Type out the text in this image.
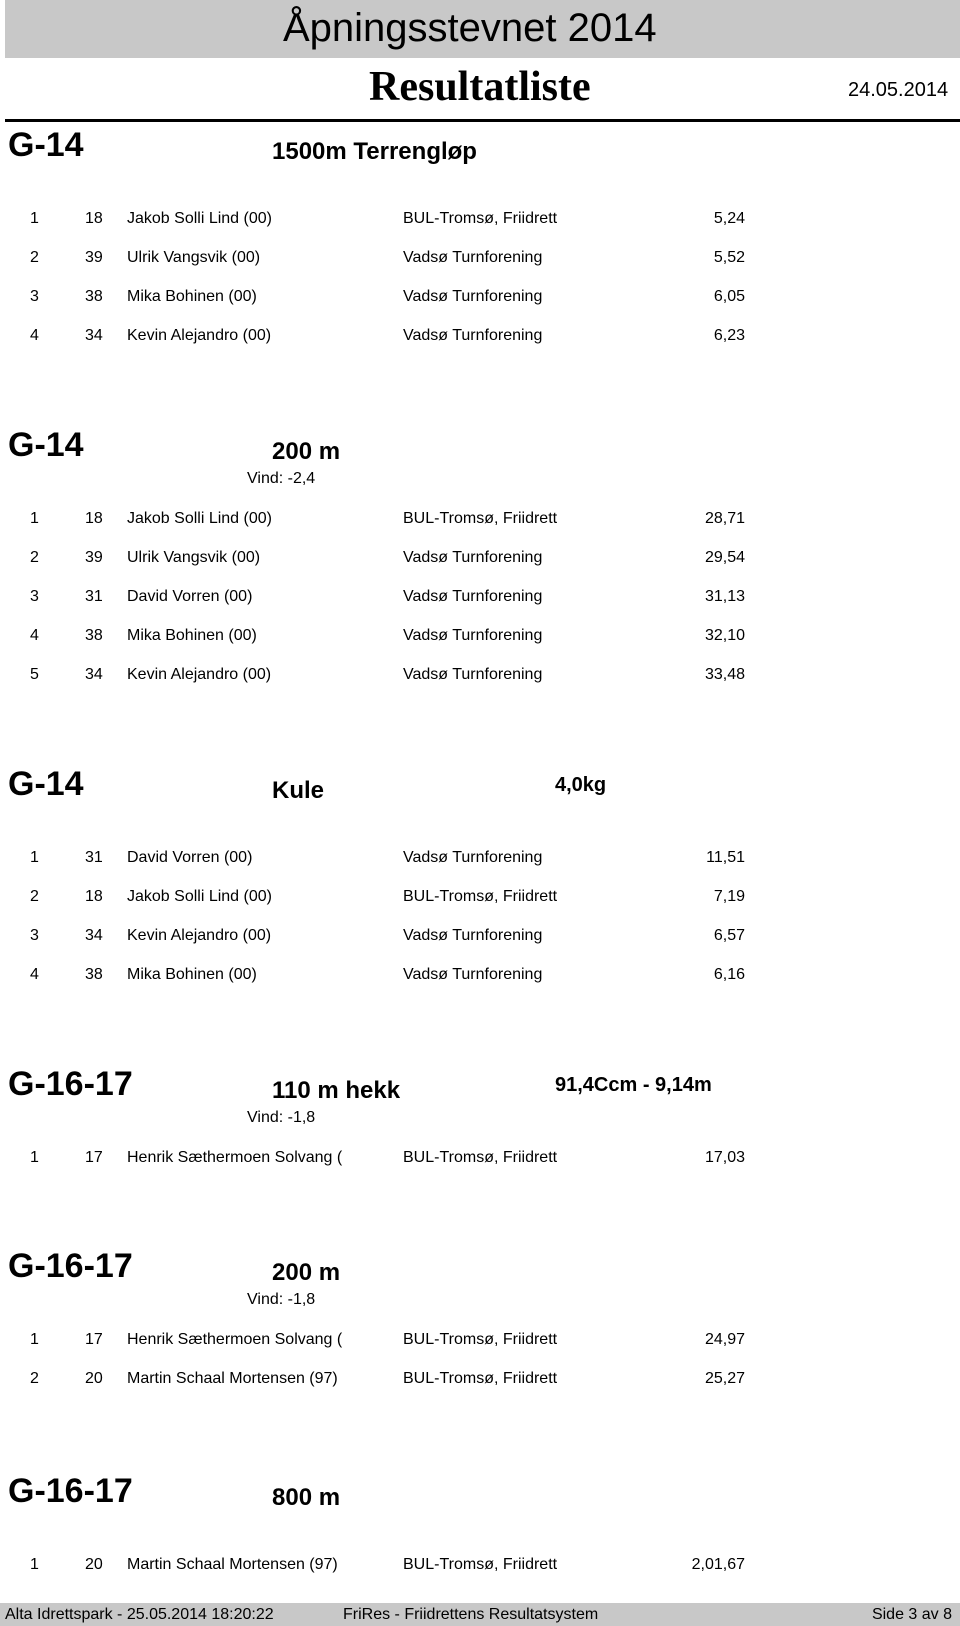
Åpningsstevnet 2014
Resultatliste	24.05.2014
G-14	1500m Terrengløp
1	18 Jakob Solli Lind (00)	BUL-Tromsø, Friidrett	5,24
2	39 Ulrik Vangsvik (00)	Vadsø Turnforening	5,52
3	38 Mika Bohinen (00)	Vadsø Turnforening	6,05
4	34 Kevin Alejandro (00)	Vadsø Turnforening	6,23
G-14	200 m
Vind: -2,4
1	18 Jakob Solli Lind (00)	BUL-Tromsø, Friidrett	28,71
2	39 Ulrik Vangsvik (00)	Vadsø Turnforening	29,54
3	31 David Vorren (00)	Vadsø Turnforening	31,13
4	38 Mika Bohinen (00)	Vadsø Turnforening	32,10
5	34 Kevin Alejandro (00)	Vadsø Turnforening	33,48
G-14	Kule	4,0kg
1	31 David Vorren (00)	Vadsø Turnforening	11,51
2	18 Jakob Solli Lind (00)	BUL-Tromsø, Friidrett	7,19
3	34 Kevin Alejandro (00)	Vadsø Turnforening	6,57
4	38 Mika Bohinen (00)	Vadsø Turnforening	6,16
G-16-17	110 m hekk	91,4Ccm - 9,14m
Vind: -1,8
1	17 Henrik Sæthermoen Solvang (	BUL-Tromsø, Friidrett	17,03
G-16-17	200 m
Vind: -1,8
1	17 Henrik Sæthermoen Solvang (	BUL-Tromsø, Friidrett	24,97
2	20 Martin Schaal Mortensen (97)	BUL-Tromsø, Friidrett	25,27
G-16-17	800 m
1	20 Martin Schaal Mortensen (97)	BUL-Tromsø, Friidrett	2,01,67
Alta Idrettspark - 25.05.2014 18:20:22	FriRes - Friidrettens Resultatsystem	Side 3 av 8
